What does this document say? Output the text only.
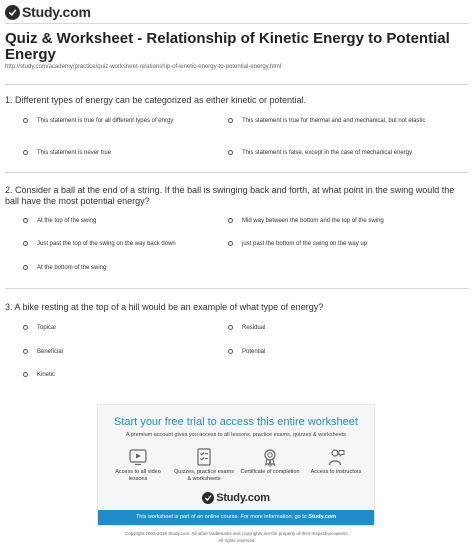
Study.com
Quiz & Worksheet - Relationship of Kinetic Energy to Potential Energy
http://study.com/academy/practice/quiz-worksheet-relationship-of-kinetic-energy-to-potential-energy.html
1. Different types of energy can be categorized as either kinetic or potential.
This statement is true for all different types of enrgy	This statement is true for thermal and and mechanical, but not elastic
This statement is never true	This statement is false, except in the case of mechanical energy
2. Consider a ball at the end of a string. If the ball is swinging back and forth, at what point in the swing would the ball have the most potential energy?
At the top of the swing	Mid way between the bottom and the top of the swing
Just past the top of the swing on the way back down	just past the bottom of the swing on the way up
At the bottom of the swing
3. A bike resting at the top of a hill would be an example of what type of energy?
Topical	Residual
Beneficial	Potential
Kinetic
Start your free trial to access this entire worksheet
A premium account gives you access to all lessons, practice exams, quizzes & worksheets
Access to all video lessons
Quizzes, practice exams & worksheets
Certificate of completion	Access to instructors
Study.com
This worksheet is part of an online course. For more information, go to Study.com
Copyright 2003-2015 Study.com. All other trademarks and copyrights are the property of their respective owners.
All rights reserved.
